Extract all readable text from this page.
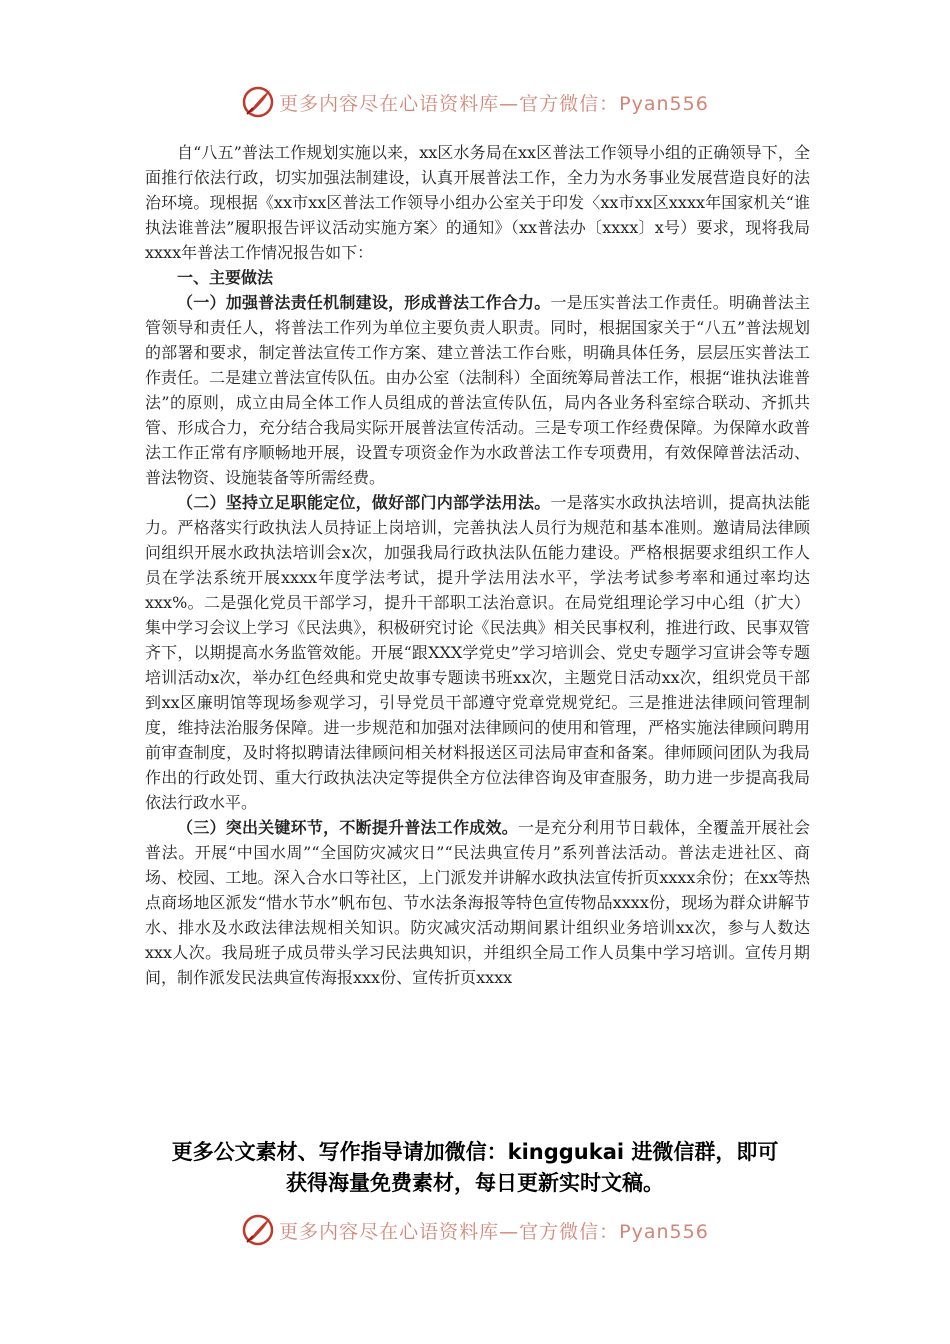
更多内容尽在心语资料库—官方微信：Pyan556

自“八五”普法工作规划实施以来，xx区水务局在xx区普法工作领导小组的正确领导下，全面推行依法行政，切实加强法制建设，认真开展普法工作，全力为水务事业发展营造良好的法治环境。现根据《xx市xx区普法工作领导小组办公室关于印发〈xx市xx区xxxx年国家机关“谁执法谁普法”履职报告评议活动实施方案〉的通知》（xx普法办〔xxxx〕x号）要求，现将我局xxxx年普法工作情况报告如下：

一、主要做法

（一）加强普法责任机制建设，形成普法工作合力。一是压实普法工作责任。明确普法主管领导和责任人，将普法工作列为单位主要负责人职责。同时，根据国家关于“八五”普法规划的部署和要求，制定普法宣传工作方案、建立普法工作台账，明确具体任务，层层压实普法工作责任。二是建立普法宣传队伍。由办公室（法制科）全面统筹局普法工作，根据“谁执法谁普法”的原则，成立由局全体工作人员组成的普法宣传队伍，局内各业务科室综合联动、齐抓共管、形成合力，充分结合我局实际开展普法宣传活动。三是专项工作经费保障。为保障水政普法工作正常有序顺畅地开展，设置专项资金作为水政普法工作专项费用，有效保障普法活动、普法物资、设施装备等所需经费。

（二）坚持立足职能定位，做好部门内部学法用法。一是落实水政执法培训，提高执法能力。严格落实行政执法人员持证上岗培训，完善执法人员行为规范和基本准则。邀请局法律顾问组织开展水政执法培训会x次，加强我局行政执法队伍能力建设。严格根据要求组织工作人员在学法系统开展xxxx年度学法考试，提升学法用法水平，学法考试参考率和通过率均达xxx%。二是强化党员干部学习，提升干部职工法治意识。在局党组理论学习中心组（扩大）集中学习会议上学习《民法典》，积极研究讨论《民法典》相关民事权利，推进行政、民事双管齐下，以期提高水务监管效能。开展“跟XXX学党史”学习培训会、党史专题学习宣讲会等专题培训活动x次，举办红色经典和党史故事专题读书班xx次，主题党日活动xx次，组织党员干部到xx区廉明馆等现场参观学习，引导党员干部遵守党章党规党纪。三是推进法律顾问管理制度，维持法治服务保障。进一步规范和加强对法律顾问的使用和管理，严格实施法律顾问聘用前审查制度，及时将拟聘请法律顾问相关材料报送区司法局审查和备案。律师顾问团队为我局作出的行政处罚、重大行政执法决定等提供全方位法律咨询及审查服务，助力进一步提高我局依法行政水平。

（三）突出关键环节，不断提升普法工作成效。一是充分利用节日载体，全覆盖开展社会普法。开展“中国水周”“全国防灾减灾日”“民法典宣传月”系列普法活动。普法走进社区、商场、校园、工地。深入合水口等社区，上门派发并讲解水政执法宣传折页xxxx余份；在xx等热点商场地区派发“惜水节水”帆布包、节水法条海报等特色宣传物品xxxx份，现场为群众讲解节水、排水及水政法律法规相关知识。防灾减灾活动期间累计组织业务培训xx次，参与人数达xxx人次。我局班子成员带头学习民法典知识，并组织全局工作人员集中学习培训。宣传月期间，制作派发民法典宣传海报xxx份、宣传折页xxxx

更多公文素材、写作指导请加微信：kinggukai 进微信群，即可
获得海量免费素材，每日更新实时文稿。
更多内容尽在心语资料库—官方微信：Pyan556
